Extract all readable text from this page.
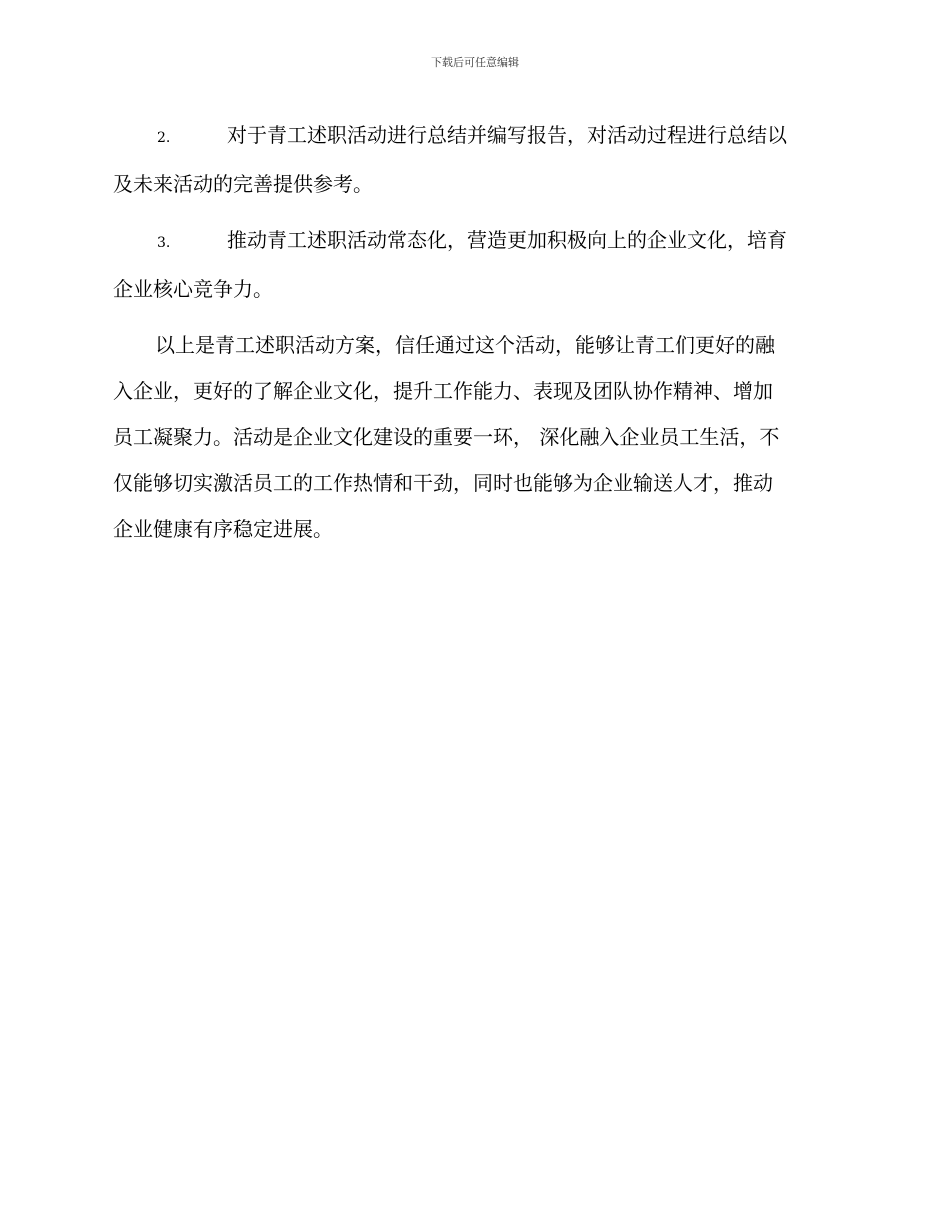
下载后可任意编辑
2.	对于青工述职活动进行总结并编写报告，对活动过程进行总结以
及未来活动的完善提供参考。
3.	推动青工述职活动常态化，营造更加积极向上的企业文化，培育
企业核心竞争力。
以上是青工述职活动方案，信任通过这个活动，能够让青工们更好的融
入企业，更好的了解企业文化，提升工作能力、表现及团队协作精神、增加
员工凝聚力。活动是企业文化建设的重要一环， 深化融入企业员工生活，不
仅能够切实激活员工的工作热情和干劲，同时也能够为企业输送人才，推动
企业健康有序稳定进展。
